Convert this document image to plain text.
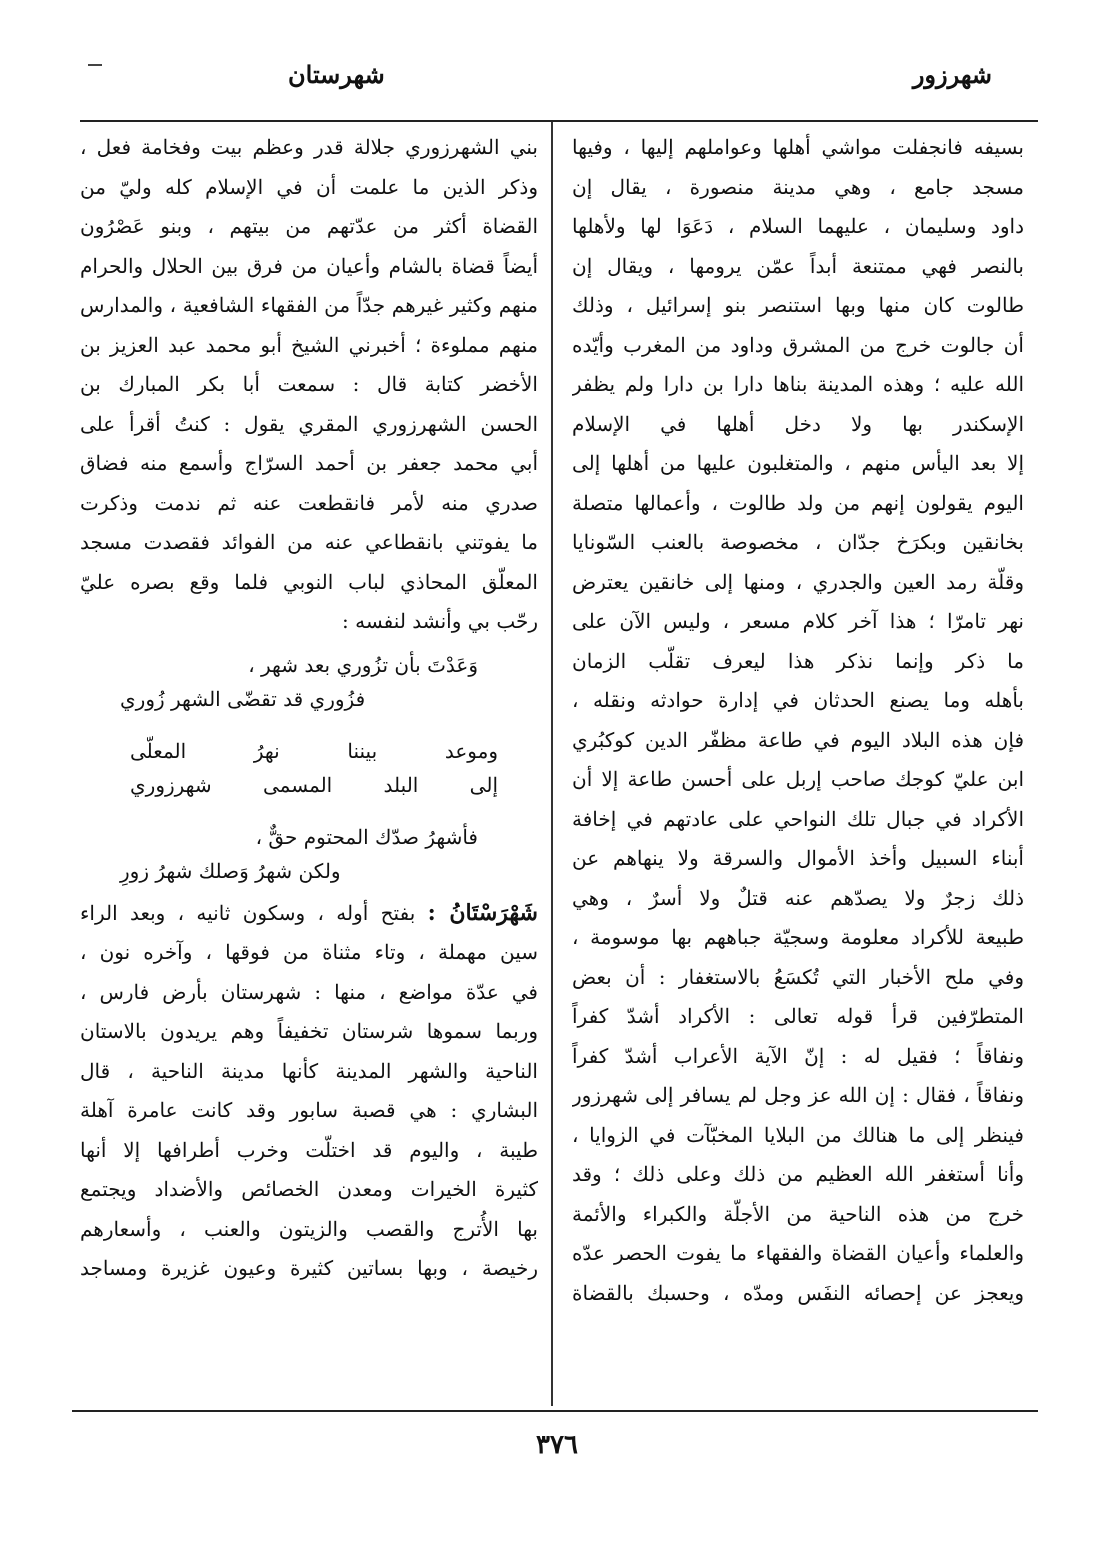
شهرزور
شهرستان
بسيفه فانجفلت مواشي أهلها وعواملهم إليها ، وفيها
مسجد جامع ، وهي مدينة منصورة ، يقال إن
داود وسليمان ، عليهما السلام ، دَعَوَا لها ولأهلها
بالنصر فهي ممتنعة أبداً عمّن يرومها ، ويقال إن
طالوت كان منها وبها استنصر بنو إسرائيل ، وذلك
أن جالوت خرج من المشرق وداود من المغرب وأيّده
الله عليه ؛ وهذه المدينة بناها دارا بن دارا ولم يظفر
الإسكندر بها ولا دخل أهلها في الإسلام
إلا بعد اليأس منهم ، والمتغلبون عليها من أهلها إلى
اليوم يقولون إنهم من ولد طالوت ، وأعمالها متصلة
بخانقين وبكرَخ جدّان ، مخصوصة بالعنب السّونايا
وقلّة رمد العين والجدري ، ومنها إلى خانقين يعترض
نهر تامرّا ؛ هذا آخر كلام مسعر ، وليس الآن على
ما ذكر وإنما نذكر هذا ليعرف تقلّب الزمان
بأهله وما يصنع الحدثان في إدارة حوادثه ونقله ،
فإن هذه البلاد اليوم في طاعة مظفّر الدين كوكبُري
ابن عليّ كوجك صاحب إربل على أحسن طاعة إلا أن
الأكراد في جبال تلك النواحي على عادتهم في إخافة
أبناء السبيل وأخذ الأموال والسرقة ولا ينهاهم عن
ذلك زجرٌ ولا يصدّهم عنه قتلٌ ولا أسرٌ ، وهي
طبيعة للأكراد معلومة وسجيّة جباههم بها موسومة ،
وفي ملح الأخبار التي تُكسَعُ بالاستغفار : أن بعض
المتطرّفين قرأ قوله تعالى : الأكراد أشدّ كفراً
ونفاقاً ؛ فقيل له : إنّ الآية الأعراب أشدّ كفراً
ونفاقاً ، فقال : إن الله عز وجل لم يسافر إلى شهرزور
فينظر إلى ما هنالك من البلايا المخبّآت في الزوايا ،
وأنا أستغفر الله العظيم من ذلك وعلى ذلك ؛ وقد
خرج من هذه الناحية من الأجلّة والكبراء والأئمة
والعلماء وأعيان القضاة والفقهاء ما يفوت الحصر عدّه
ويعجز عن إحصائه النفَس ومدّه ، وحسبك بالقضاة
بني الشهرزوري جلالة قدر وعظم بيت وفخامة فعل ،
وذكر الذين ما علمت أن في الإسلام كله وليّ من
القضاة أكثر من عدّتهم من بيتهم ، وبنو عَصْرُون
أيضاً قضاة بالشام وأعيان من فرق بين الحلال والحرام
منهم وكثير غيرهم جدّاً من الفقهاء الشافعية ، والمدارس
منهم مملوءة ؛ أخبرني الشيخ أبو محمد عبد العزيز بن
الأخضر كتابة قال : سمعت أبا بكر المبارك بن
الحسن الشهرزوري المقري يقول : كنتُ أقرأ على
أبي محمد جعفر بن أحمد السرّاج وأسمع منه فضاق
صدري منه لأمر فانقطعت عنه ثم ندمت وذكرت
ما يفوتني بانقطاعي عنه من الفوائد فقصدت مسجد
المعلّق المحاذي لباب النوبي فلما وقع بصره عليّ
رحّب بي وأنشد لنفسه :
وَعَدْتَ بأن تزُوري بعد شهر ،
فزُوري قد تقضّى الشهر زُوري
وموعد بيننا نهرُ المعلّى
إلى البلد المسمى شهرزوري
فأشهرُ صدّك المحتوم حقٌّ ،
ولكن شهرُ وَصلك شهرُ زورِ
شَهْرَسْتَانُ : بفتح أوله ، وسكون ثانيه ، وبعد الراء
سين مهملة ، وتاء مثناة من فوقها ، وآخره نون ،
في عدّة مواضع ، منها : شهرستان بأرض فارس ،
وربما سموها شرستان تخفيفاً وهم يريدون بالاستان
الناحية والشهر المدينة كأنها مدينة الناحية ، قال
البشاري : هي قصبة سابور وقد كانت عامرة آهلة
طيبة ، واليوم قد اختلّت وخرب أطرافها إلا أنها
كثيرة الخيرات ومعدن الخصائص والأضداد ويجتمع
بها الأُترج والقصب والزيتون والعنب ، وأسعارهم
رخيصة ، وبها بساتين كثيرة وعيون غزيرة ومساجد
٣٧٦
